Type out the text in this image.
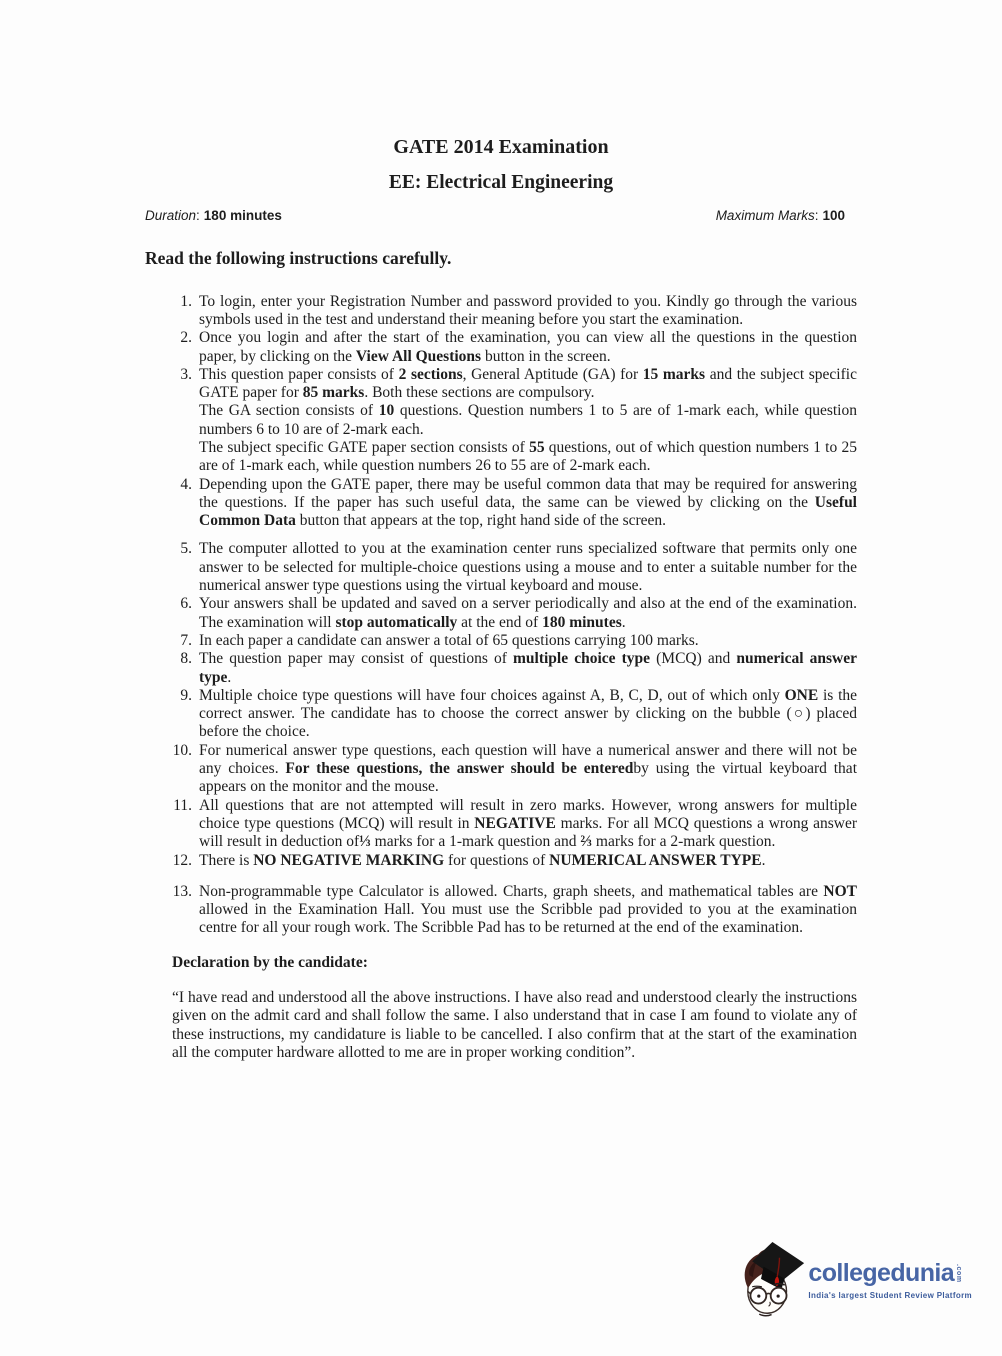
GATE 2014 Examination
EE: Electrical Engineering
Duration: 180 minutes	Maximum Marks: 100
Read the following instructions carefully.
1. To login, enter your Registration Number and password provided to you. Kindly go through the various symbols used in the test and understand their meaning before you start the examination.
2. Once you login and after the start of the examination, you can view all the questions in the question paper, by clicking on the View All Questions button in the screen.
3. This question paper consists of 2 sections, General Aptitude (GA) for 15 marks and the subject specific GATE paper for 85 marks. Both these sections are compulsory.
The GA section consists of 10 questions. Question numbers 1 to 5 are of 1-mark each, while question numbers 6 to 10 are of 2-mark each.
The subject specific GATE paper section consists of 55 questions, out of which question numbers 1 to 25 are of 1-mark each, while question numbers 26 to 55 are of 2-mark each.
4. Depending upon the GATE paper, there may be useful common data that may be required for answering the questions. If the paper has such useful data, the same can be viewed by clicking on the Useful Common Data button that appears at the top, right hand side of the screen.
5. The computer allotted to you at the examination center runs specialized software that permits only one answer to be selected for multiple-choice questions using a mouse and to enter a suitable number for the numerical answer type questions using the virtual keyboard and mouse.
6. Your answers shall be updated and saved on a server periodically and also at the end of the examination. The examination will stop automatically at the end of 180 minutes.
7. In each paper a candidate can answer a total of 65 questions carrying 100 marks.
8. The question paper may consist of questions of multiple choice type (MCQ) and numerical answer type.
9. Multiple choice type questions will have four choices against A, B, C, D, out of which only ONE is the correct answer. The candidate has to choose the correct answer by clicking on the bubble (○) placed before the choice.
10. For numerical answer type questions, each question will have a numerical answer and there will not be any choices. For these questions, the answer should be enteredby using the virtual keyboard that appears on the monitor and the mouse.
11. All questions that are not attempted will result in zero marks. However, wrong answers for multiple choice type questions (MCQ) will result in NEGATIVE marks. For all MCQ questions a wrong answer will result in deduction of⅓ marks for a 1-mark question and ⅔ marks for a 2-mark question.
12. There is NO NEGATIVE MARKING for questions of NUMERICAL ANSWER TYPE.
13. Non-programmable type Calculator is allowed. Charts, graph sheets, and mathematical tables are NOT allowed in the Examination Hall. You must use the Scribble pad provided to you at the examination centre for all your rough work. The Scribble Pad has to be returned at the end of the examination.
Declaration by the candidate:

“I have read and understood all the above instructions. I have also read and understood clearly the instructions given on the admit card and shall follow the same. I also understand that in case I am found to violate any of these instructions, my candidature is liable to be cancelled. I also confirm that at the start of the examination all the computer hardware allotted to me are in proper working condition”.

collegedunia .com
India's largest Student Review Platform
